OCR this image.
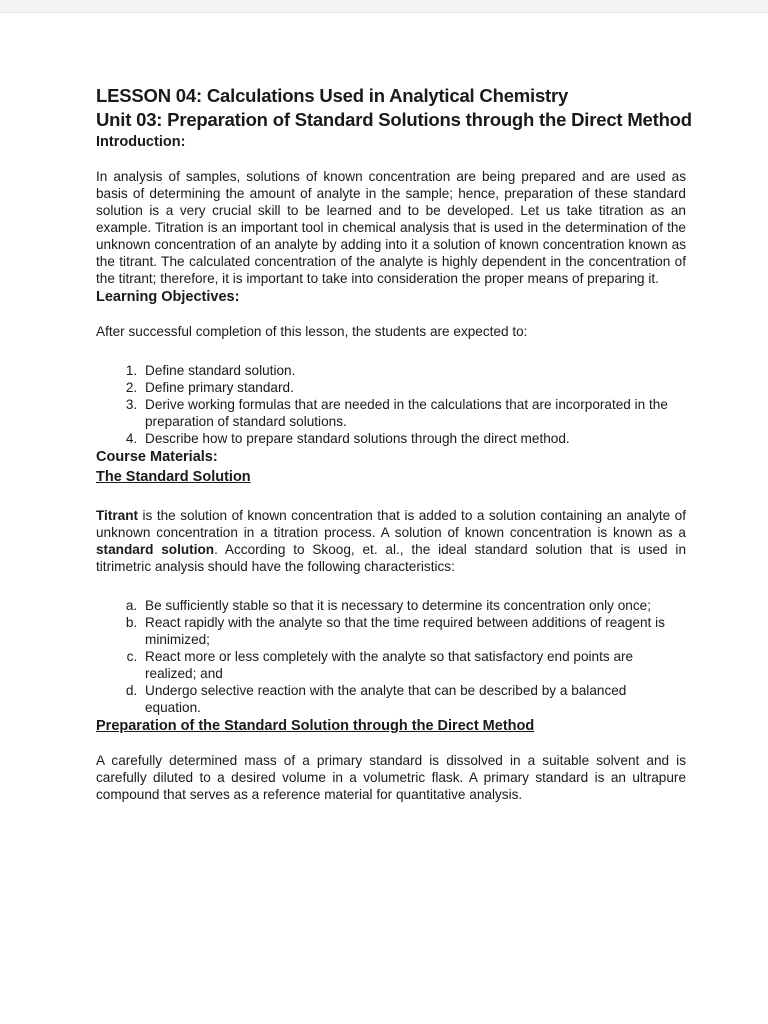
LESSON 04: Calculations Used in Analytical Chemistry
Unit 03: Preparation of Standard Solutions through the Direct Method
Introduction:

In analysis of samples, solutions of known concentration are being prepared and are used as basis of determining the amount of analyte in the sample; hence, preparation of these standard solution is a very crucial skill to be learned and to be developed. Let us take titration as an example. Titration is an important tool in chemical analysis that is used in the determination of the unknown concentration of an analyte by adding into it a solution of known concentration known as the titrant. The calculated concentration of the analyte is highly dependent in the concentration of the titrant; therefore, it is important to take into consideration the proper means of preparing it.

Learning Objectives:

After successful completion of this lesson, the students are expected to:

1. Define standard solution.
2. Define primary standard.
3. Derive working formulas that are needed in the calculations that are incorporated in the preparation of standard solutions.
4. Describe how to prepare standard solutions through the direct method.
Course Materials:
The Standard Solution

Titrant is the solution of known concentration that is added to a solution containing an analyte of unknown concentration in a titration process. A solution of known concentration is known as a standard solution. According to Skoog, et. al., the ideal standard solution that is used in titrimetric analysis should have the following characteristics:

a. Be sufficiently stable so that it is necessary to determine its concentration only once;
b. React rapidly with the analyte so that the time required between additions of reagent is minimized;
c. React more or less completely with the analyte so that satisfactory end points are realized; and
d. Undergo selective reaction with the analyte that can be described by a balanced equation.
Preparation of the Standard Solution through the Direct Method

A carefully determined mass of a primary standard is dissolved in a suitable solvent and is carefully diluted to a desired volume in a volumetric flask. A primary standard is an ultrapure compound that serves as a reference material for quantitative analysis.
